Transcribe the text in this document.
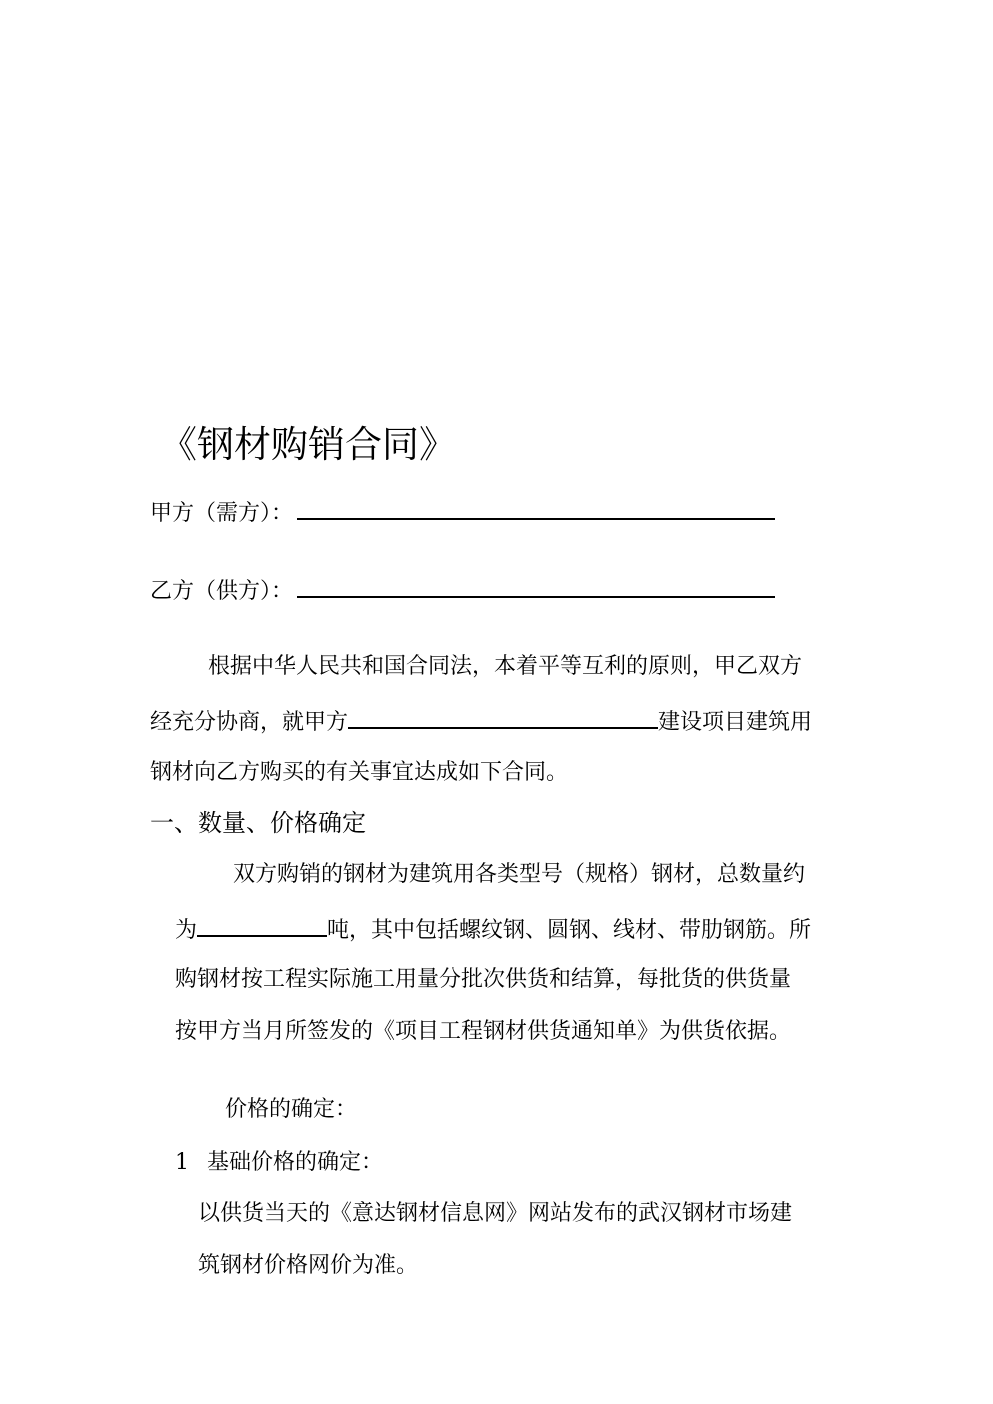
《钢材购销合同》
甲方（需方）：
乙方（供方）：
根据中华人民共和国合同法，本着平等互利的原则，甲乙双方
经充分协商，就甲方	建设项目建筑用
钢材向乙方购买的有关事宜达成如下合同。
一、数量、价格确定
双方购销的钢材为建筑用各类型号（规格）钢材，总数量约
为	吨，其中包括螺纹钢、圆钢、线材、带肋钢筋。所
购钢材按工程实际施工用量分批次供货和结算，每批货的供货量
按甲方当月所签发的《项目工程钢材供货通知单》为供货依据。
价格的确定：
1 基础价格的确定：
以供货当天的《意达钢材信息网》网站发布的武汉钢材市场建
筑钢材价格网价为准。
